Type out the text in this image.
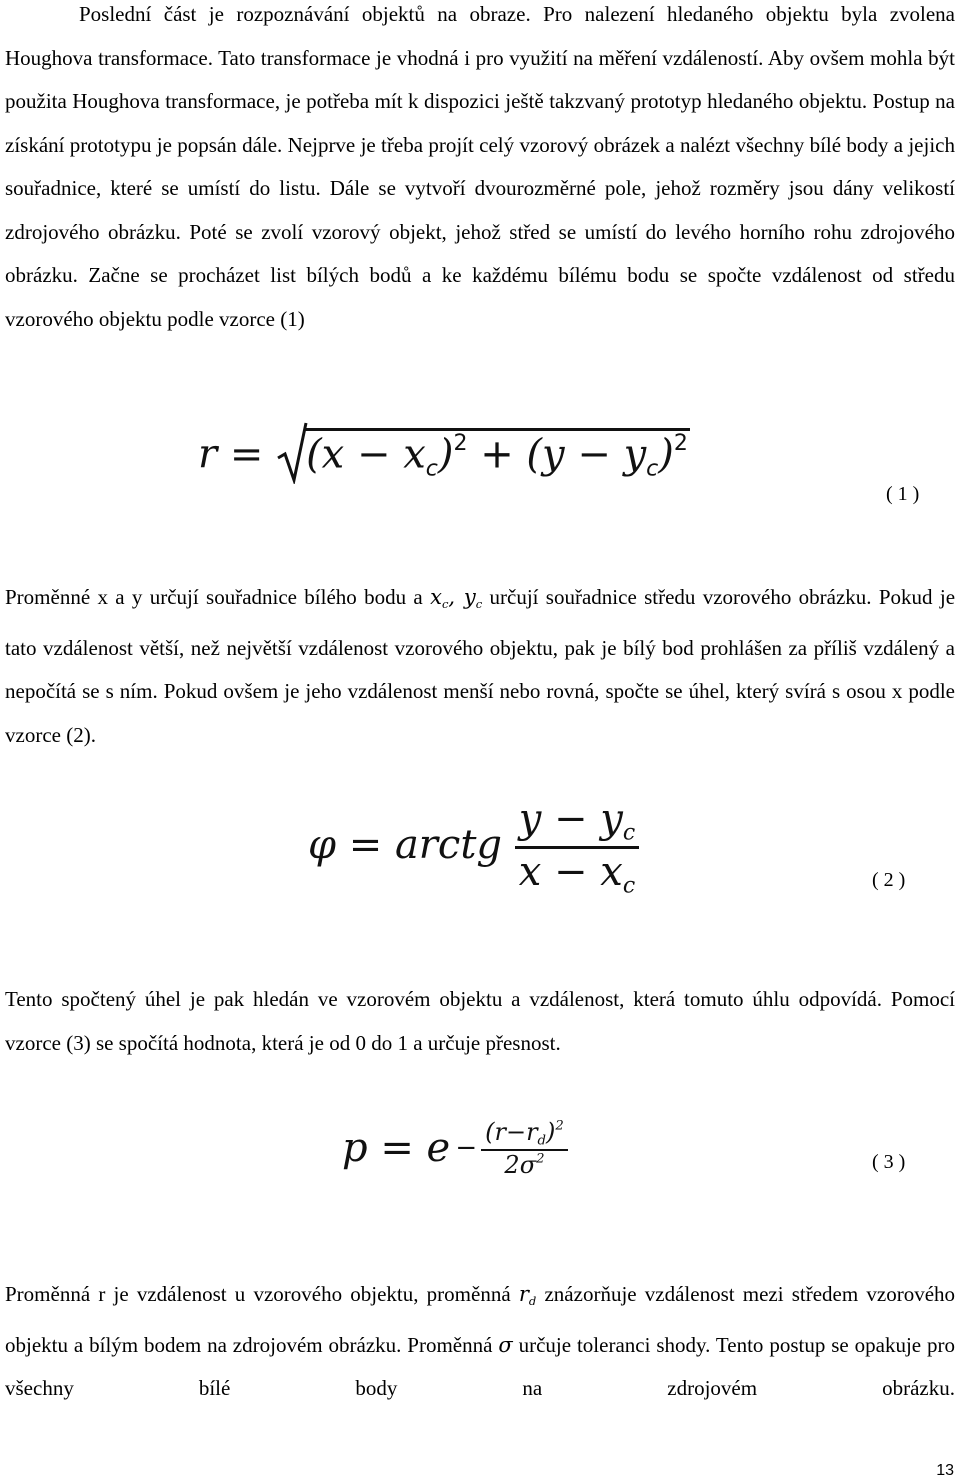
Poslední část je rozpoznávání objektů na obraze. Pro nalezení hledaného objektu byla zvolena Houghova transformace. Tato transformace je vhodná i pro využití na měření vzdáleností. Aby ovšem mohla být použita Houghova transformace, je potřeba mít k dispozici ještě takzvaný prototyp hledaného objektu. Postup na získání prototypu je popsán dále. Nejprve je třeba projít celý vzorový obrázek a nalézt všechny bílé body a jejich souřadnice, které se umístí do listu. Dále se vytvoří dvourozměrné pole, jehož rozměry jsou dány velikostí zdrojového obrázku. Poté se zvolí vzorový objekt, jehož střed se umístí do levého horního rohu zdrojového obrázku. Začne se procházet list bílých bodů a ke každému bílému bodu se spočte vzdálenost od středu vzorového objektu podle vzorce (1)

$r = (x - x_c)^2 + (y - y_c)^2$
( 1 )

Proměnné x a y určují souřadnice bílého bodu a $x_c$, $y_c$ určují souřadnice středu vzorového obrázku. Pokud je tato vzdálenost větší, než největší vzdálenost vzorového objektu, pak je bílý bod prohlášen za příliš vzdálený a nepočítá se s ním. Pokud ovšem je jeho vzdálenost menší nebo rovná, spočte se úhel, který svírá s osou x podle vzorce (2).

φ = arctg $\frac{y - y_c}{x - x_c}$	( 2 )

Tento spočtený úhel je pak hledán ve vzorovém objektu a vzdálenost, která tomuto úhlu odpovídá. Pomocí vzorce (3) se spočítá hodnota, která je od 0 do 1 a určuje přesnost.

$p = e - \frac{(r-r_d)^2}{2\sigma^2}$	( 3 )

Proměnná r je vzdálenost u vzorového objektu, proměnná $r_d$ znázorňuje vzdálenost mezi středem vzorového objektu a bílým bodem na zdrojovém obrázku. Proměnná σ určuje toleranci shody. Tento postup se opakuje pro všechny bílé body na zdrojovém obrázku.

13
